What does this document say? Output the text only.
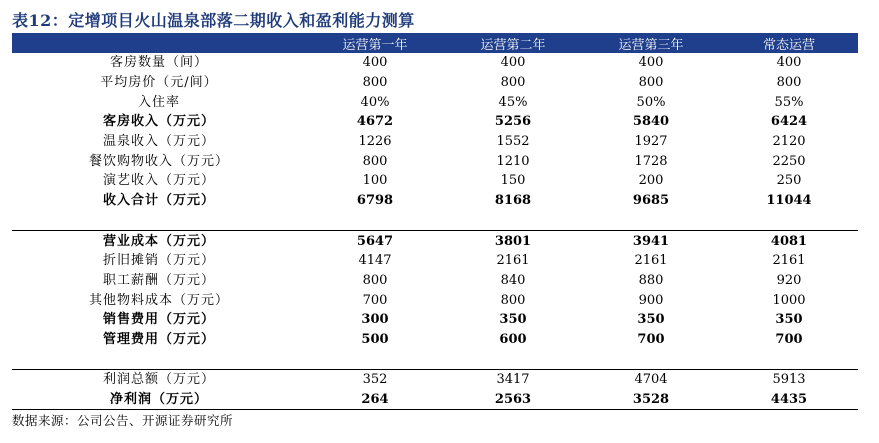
表12：定增项目火山温泉部落二期收入和盈利能力测算
	运营第一年	运营第二年	运营第三年	常态运营
客房数量（间）	400	400	400	400
平均房价（元/间）	800	800	800	800
入住率	40%	45%	50%	55%
客房收入（万元）	4672	5256	5840	6424
温泉收入（万元）	1226	1552	1927	2120
餐饮购物收入（万元）	800	1210	1728	2250
演艺收入（万元）	100	150	200	250
收入合计（万元）	6798	8168	9685	11044

营业成本（万元）	5647	3801	3941	4081
折旧摊销（万元）	4147	2161	2161	2161
职工薪酬（万元）	800	840	880	920
其他物料成本（万元）	700	800	900	1000
销售费用（万元）	300	350	350	350
管理费用（万元）	500	600	700	700

利润总额（万元）	352	3417	4704	5913
净利润（万元）	264	2563	3528	4435
数据来源：公司公告、开源证券研究所
